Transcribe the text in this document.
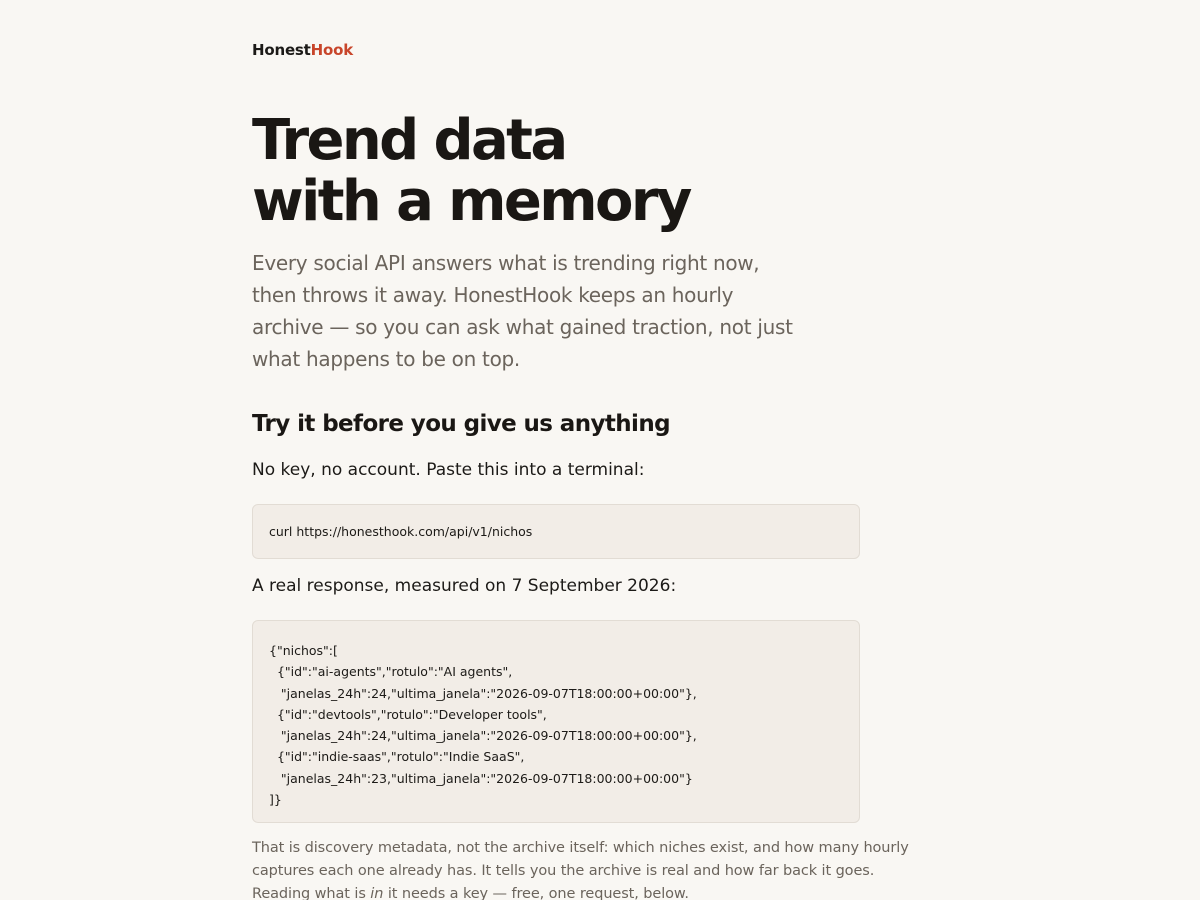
HonestHook
Trend data
with a memory

Every social API answers what is trending right now, then throws it away. HonestHook keeps an hourly archive — so you can ask what gained traction, not just what happens to be on top.

Try it before you give us anything

No key, no account. Paste this into a terminal:

curl https://honesthook.com/api/v1/nichos

A real response, measured on 7 September 2026:

{"nichos":[
{"id":"ai-agents","rotulo":"AI agents",
"janelas_24h":24,"ultima_janela":"2026-09-07T18:00:00+00:00"},
{"id":"devtools","rotulo":"Developer tools",
"janelas_24h":24,"ultima_janela":"2026-09-07T18:00:00+00:00"},
{"id":"indie-saas","rotulo":"Indie SaaS",
"janelas_24h":23,"ultima_janela":"2026-09-07T18:00:00+00:00"}
]}

That is discovery metadata, not the archive itself: which niches exist, and how many hourly
captures each one already has. It tells you the archive is real and how far back it goes.
Reading what is in it needs a key — free, one request, below.
